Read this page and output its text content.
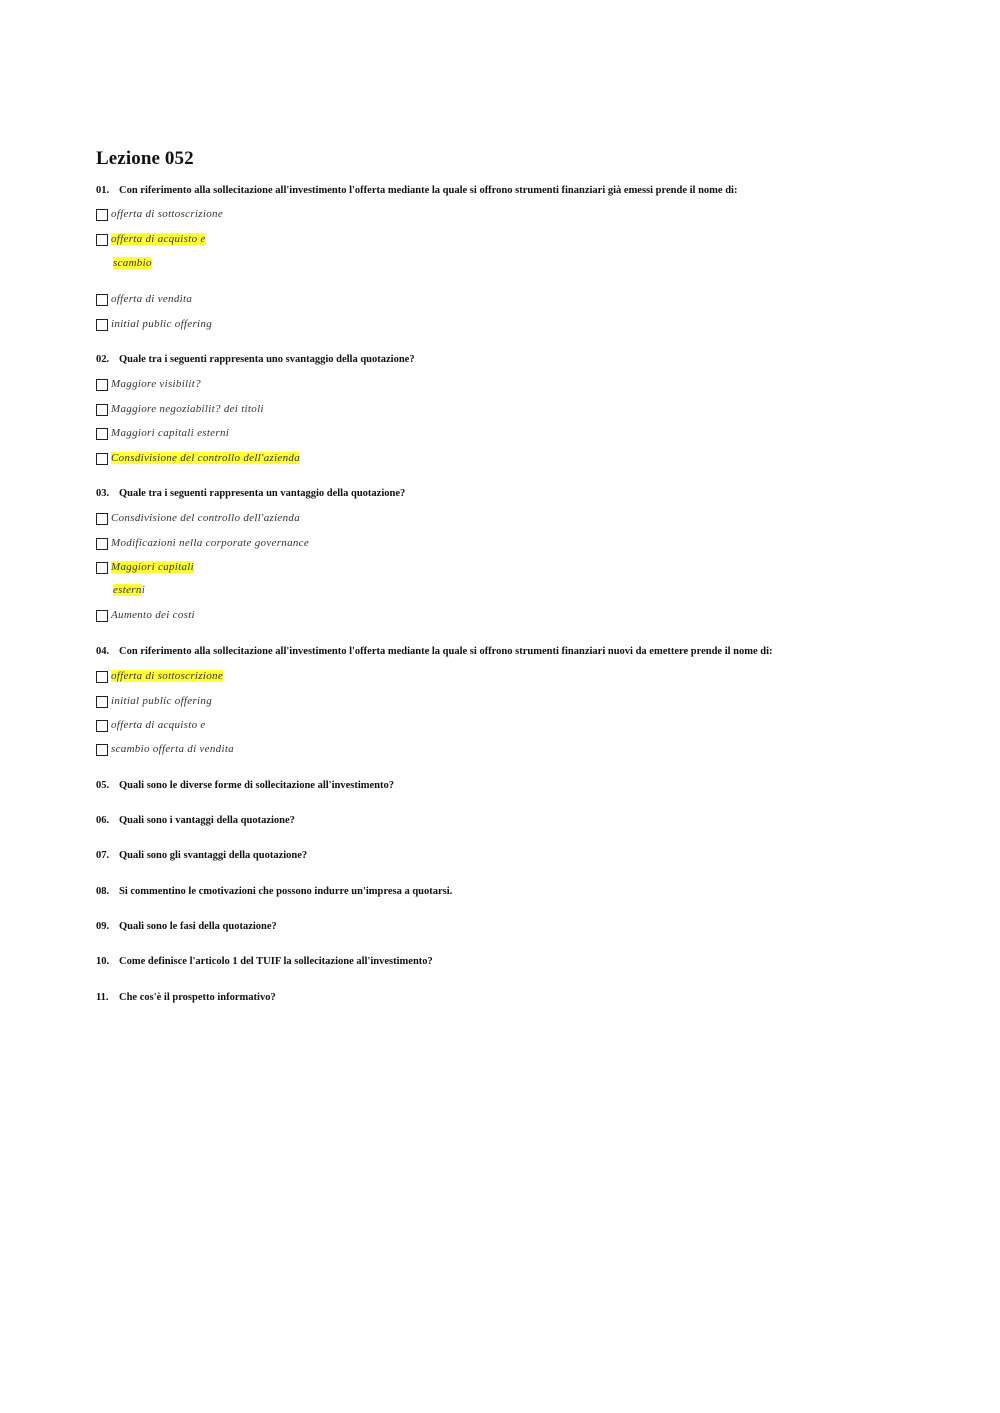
Lezione 052
01. Con riferimento alla sollecitazione all'investimento l'offerta mediante la quale si offrono strumenti finanziari già emessi prende il nome di:
offerta di sottoscrizione
offerta di acquisto e
scambio
offerta di vendita
initial public offering
02. Quale tra i seguenti rappresenta uno svantaggio della quotazione?
Maggiore visibilit?
Maggiore negoziabilit? dei titoli
Maggiori capitali esterni
Consdivisione del controllo dell'azienda
03. Quale tra i seguenti rappresenta un vantaggio della quotazione?
Consdivisione del controllo dell'azienda
Modificazioni nella corporate governance
Maggiori capitali
esterni
Aumento dei costi
04. Con riferimento alla sollecitazione all'investimento l'offerta mediante la quale si offrono strumenti finanziari nuovi da emettere prende il nome di:
offerta di sottoscrizione
initial public offering
offerta di acquisto e
scambio offerta di vendita
05. Quali sono le diverse forme di sollecitazione all'investimento?
06. Quali sono i vantaggi della quotazione?
07. Quali sono gli svantaggi della quotazione?
08. Si commentino le cmotivazioni che possono indurre un'impresa a quotarsi.
09. Quali sono le fasi della quotazione?
10. Come definisce l'articolo 1 del TUIF la sollecitazione all'investimento?
11. Che cos'è il prospetto informativo?
